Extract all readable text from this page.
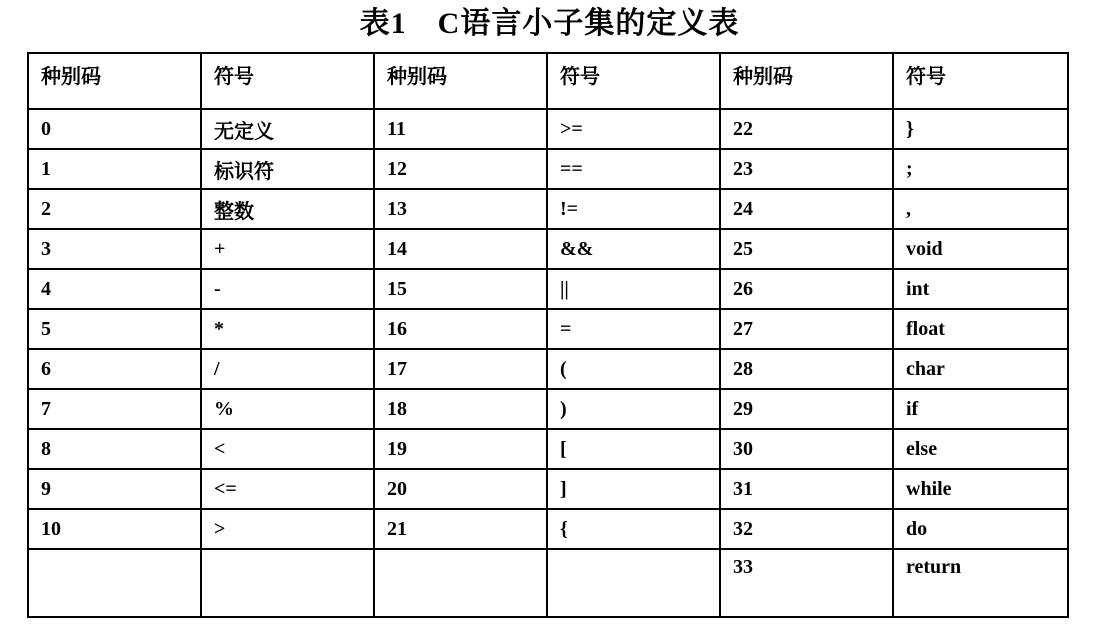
表1　C语言小子集的定义表
种别码	符号	种别码	符号	种别码	符号
0	无定义	11	>=	22	}
1	标识符	12	==	23	;
2	整数	13	!=	24	,
3	+	14	&&	25	void
4	-	15	||	26	int
5	*	16	=	27	float
6	/	17	(	28	char
7	%	18	)	29	if
8	<	19	[	30	else
9	<=	20	]	31	while
10	>	21	{	32	do
				33	return
